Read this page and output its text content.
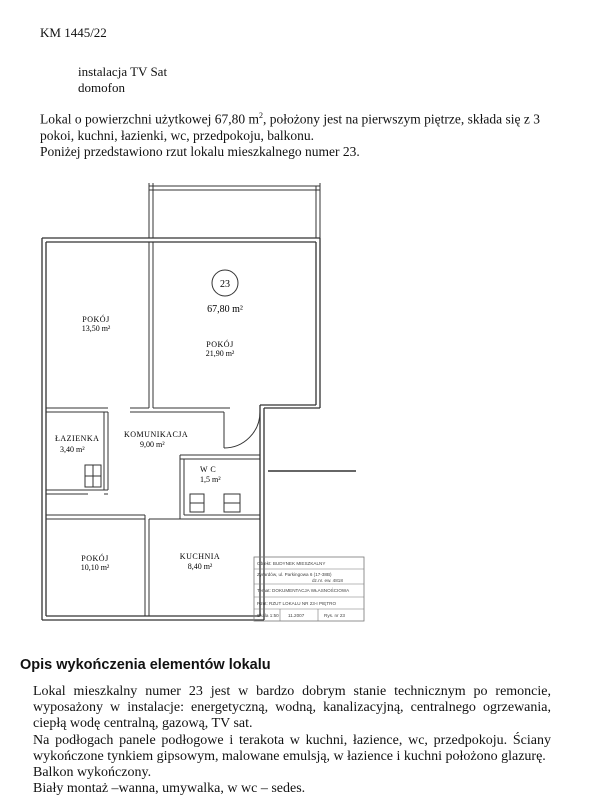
KM 1445/22
instalacja TV Sat
domofon
Lokal o powierzchni użytkowej 67,80 $m^2$, położony jest na pierwszym piętrze, składa się z 3
pokoi, kuchni, łazienki, wc, przedpokoju, balkonu.
Poniżej przedstawiono rzut lokalu mieszkalnego numer 23.
23
67,80 m²
POKÓJ
13,50 m²
POKÓJ
21,90 m²
ŁAZIENKA
3,40 m²
KOMUNIKACJA
9,00 m²
W C
1,5 m²
POKÓJ
10,10 m²
KUCHNIA
8,40 m²	Obiekt: BUDYNEK MIESZKALNY
Zyrardów, ul. Parkingowa 6 (17-38B)
dz.nr. ew. 4818
Temat: DOKUMENTACJA WŁASNOŚCIOWA
Rzut: RZUT LOKALU NR 23-I PIĘTRO
Skala 1:50 11.2007	Rys. nr 23
Opis wykończenia elementów lokalu

Lokal mieszkalny numer 23 jest w bardzo dobrym stanie technicznym po remoncie, wyposażony w instalacje: energetyczną, wodną, kanalizacyjną, centralnego ogrzewania, ciepłą wodę centralną, gazową, TV sat.

Na podłogach panele podłogowe i terakota w kuchni, łazience, wc, przedpokoju. Ściany wykończone tynkiem gipsowym, malowane emulsją, w łazience i kuchni położono glazurę.

Balkon wykończony.

Biały montaż –wanna, umywalka, w wc – sedes.
